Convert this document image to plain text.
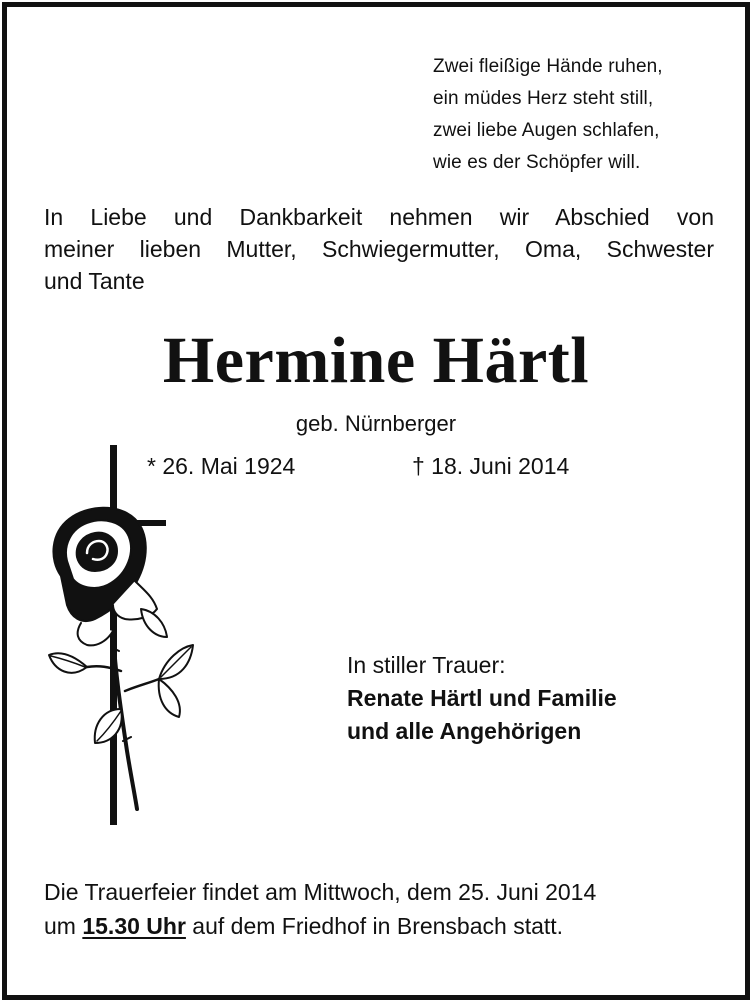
Zwei fleißige Hände ruhen,
ein müdes Herz steht still,
zwei liebe Augen schlafen,
wie es der Schöpfer will.
In Liebe und Dankbarkeit nehmen wir Abschied von
meiner lieben Mutter, Schwiegermutter, Oma, Schwester
und Tante
Hermine Härtl
geb. Nürnberger
* 26. Mai 1924	† 18. Juni 2014
In stiller Trauer:
Renate Härtl und Familie
und alle Angehörigen
Die Trauerfeier findet am Mittwoch, dem 25. Juni 2014
um 15.30 Uhr auf dem Friedhof in Brensbach statt.
